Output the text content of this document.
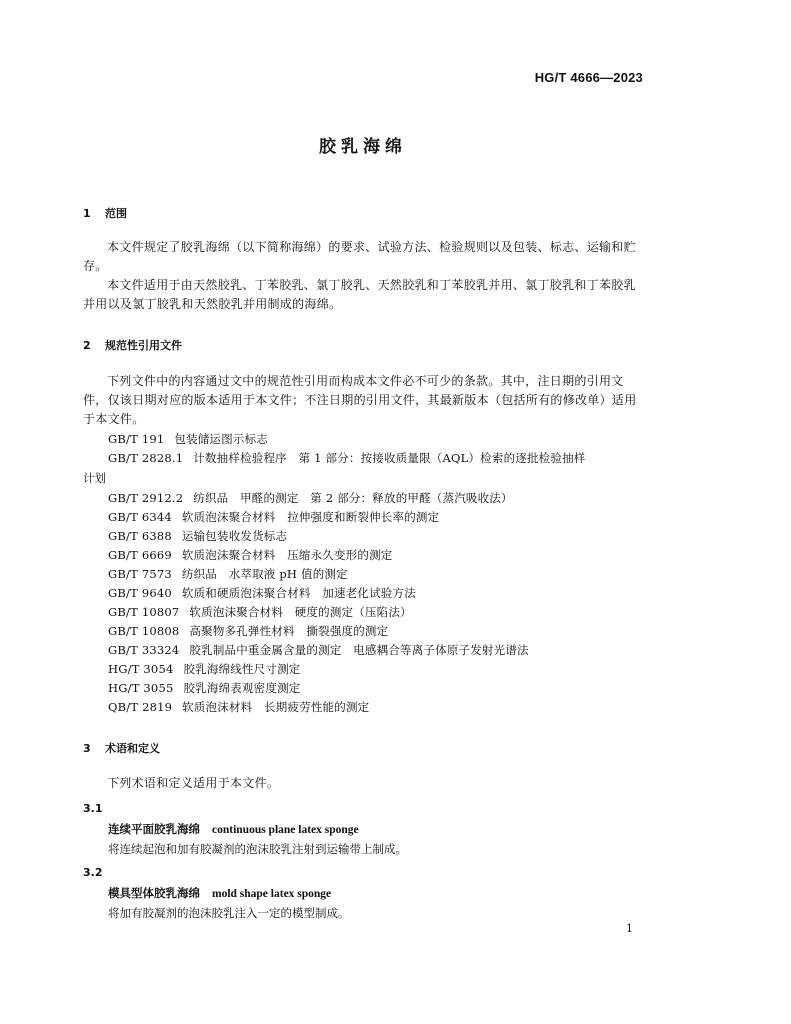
HG/T 4666—2023
胶乳海绵
1 范围
本文件规定了胶乳海绵（以下简称海绵）的要求、试验方法、检验规则以及包装、标志、运输和贮存。
本文件适用于由天然胶乳、丁苯胶乳、氯丁胶乳、天然胶乳和丁苯胶乳并用、氯丁胶乳和丁苯胶乳并用以及氯丁胶乳和天然胶乳并用制成的海绵。
2 规范性引用文件
下列文件中的内容通过文中的规范性引用而构成本文件必不可少的条款。其中，注日期的引用文件，仅该日期对应的版本适用于本文件；不注日期的引用文件，其最新版本（包括所有的修改单）适用于本文件。
GB/T 191 包装储运图示标志
GB/T 2828.1 计数抽样检验程序　第 1 部分：按接收质量限（AQL）检索的逐批检验抽样
计划
GB/T 2912.2 纺织品　甲醛的测定　第 2 部分：释放的甲醛（蒸汽吸收法）
GB/T 6344 软质泡沫聚合材料　拉伸强度和断裂伸长率的测定
GB/T 6388 运输包装收发货标志
GB/T 6669 软质泡沫聚合材料　压缩永久变形的测定
GB/T 7573 纺织品　水萃取液 pH 值的测定
GB/T 9640 软质和硬质泡沫聚合材料　加速老化试验方法
GB/T 10807 软质泡沫聚合材料　硬度的测定（压陷法）
GB/T 10808 高聚物多孔弹性材料　撕裂强度的测定
GB/T 33324 胶乳制品中重金属含量的测定　电感耦合等离子体原子发射光谱法
HG/T 3054 胶乳海绵线性尺寸测定
HG/T 3055 胶乳海绵表观密度测定
QB/T 2819 软质泡沫材料　长期疲劳性能的测定
3 术语和定义
下列术语和定义适用于本文件。
3.1
连续平面胶乳海绵 continuous plane latex sponge
将连续起泡和加有胶凝剂的泡沫胶乳注射到运输带上制成。
3.2
模具型体胶乳海绵 mold shape latex sponge
将加有胶凝剂的泡沫胶乳注入一定的模型制成。
1
